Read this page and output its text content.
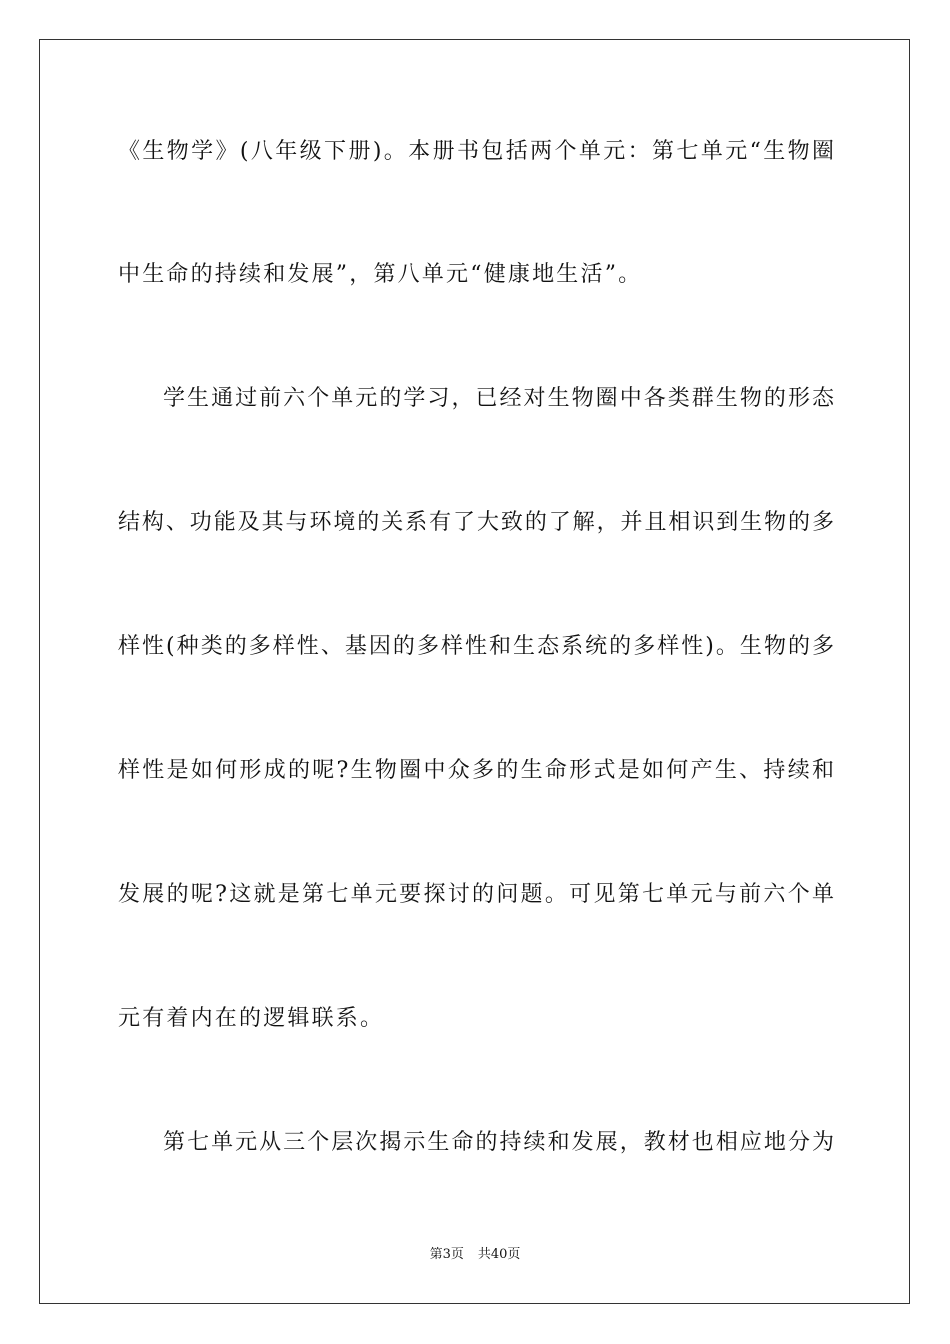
《生物学》(八年级下册)。本册书包括两个单元：第七单元“生物圈
中生命的持续和发展”，第八单元“健康地生活”。
学生通过前六个单元的学习，已经对生物圈中各类群生物的形态
结构、功能及其与环境的关系有了大致的了解，并且相识到生物的多
样性(种类的多样性、基因的多样性和生态系统的多样性)。生物的多
样性是如何形成的呢?生物圈中众多的生命形式是如何产生、持续和
发展的呢?这就是第七单元要探讨的问题。可见第七单元与前六个单
元有着内在的逻辑联系。
第七单元从三个层次揭示生命的持续和发展，教材也相应地分为
第3页 共40页
